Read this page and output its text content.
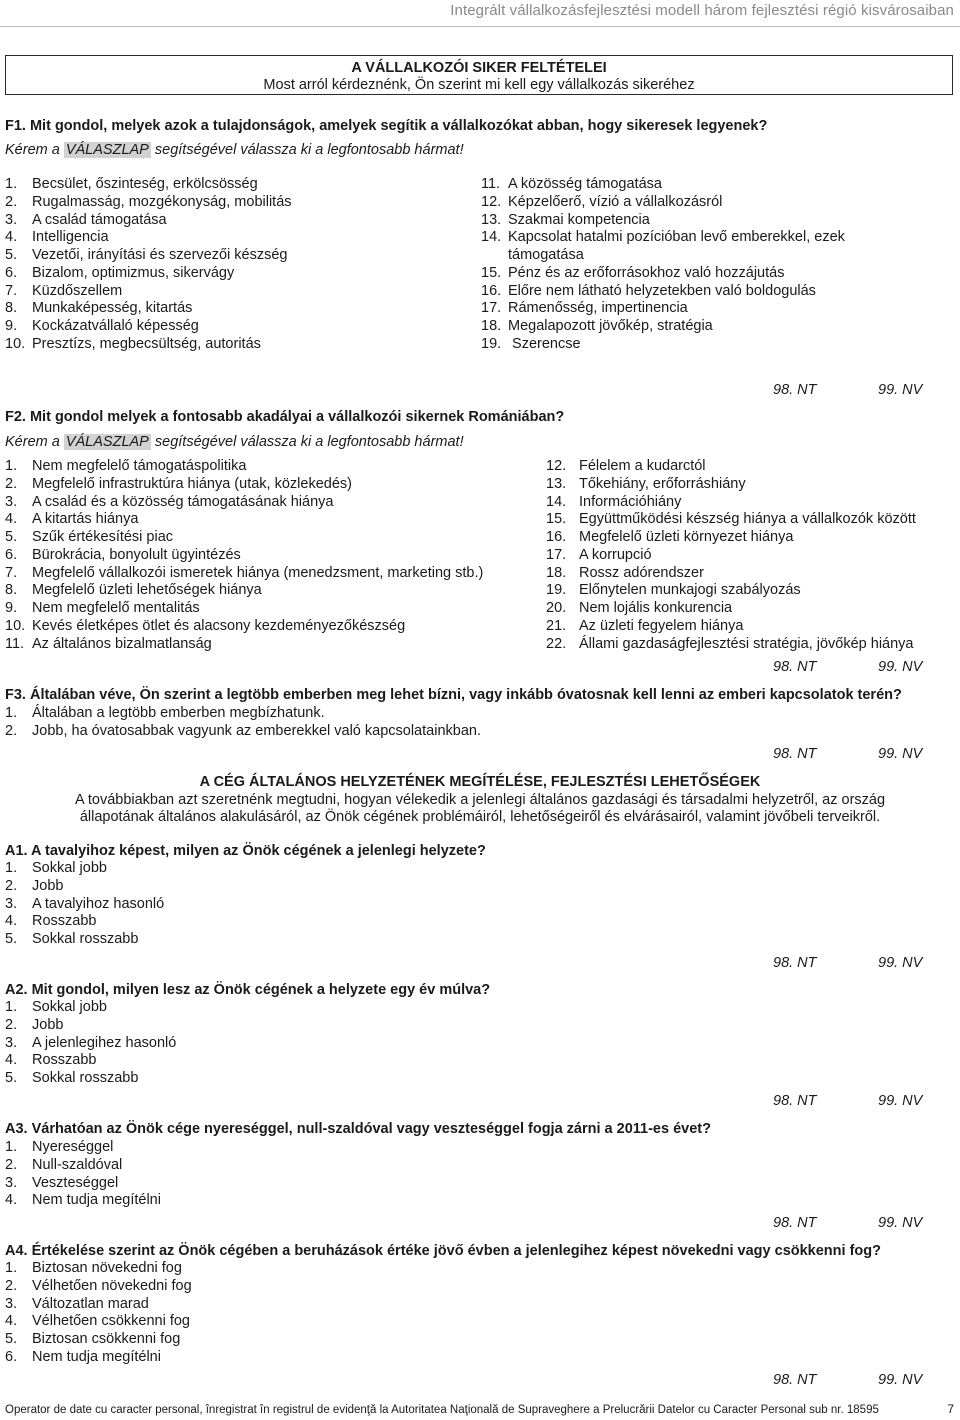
Integrált vállalkozásfejlesztési modell három fejlesztési régió kisvárosaiban
A VÁLLALKOZÓI SIKER FELTÉTELEI
Most arról kérdeznénk, Ön szerint mi kell egy vállalkozás sikeréhez
F1. Mit gondol, melyek azok a tulajdonságok, amelyek segítik a vállalkozókat abban, hogy sikeresek legyenek?
Kérem a VÁLASZLAP segítségével válassza ki a legfontosabb hármat!
1. Becsület, őszinteség, erkölcsösség
2. Rugalmasság, mozgékonyság, mobilitás
3. A család támogatása
4. Intelligencia
5. Vezetői, irányítási és szervezői készség
6. Bizalom, optimizmus, sikervágy
7. Küzdőszellem
8. Munkaképesség, kitartás
9. Kockázatvállaló képesség
10. Presztízs, megbecsültség, autoritás
11. A közösség támogatása
12. Képzelőerő, vízió a vállalkozásról
13. Szakmai kompetencia
14. Kapcsolat hatalmi pozícióban levő emberekkel, ezek
támogatása
15. Pénz és az erőforrásokhoz való hozzájutás
16. Előre nem látható helyzetekben való boldogulás
17. Rámenősség, impertinencia
18. Megalapozott jövőkép, stratégia
19. Szerencse
98. NT	99. NV
F2. Mit gondol melyek a fontosabb akadályai a vállalkozói sikernek Romániában?
Kérem a VÁLASZLAP segítségével válassza ki a legfontosabb hármat!
1. Nem megfelelő támogatáspolitika
2. Megfelelő infrastruktúra hiánya (utak, közlekedés)
3. A család és a közösség támogatásának hiánya
4. A kitartás hiánya
5. Szűk értékesítési piac
6. Bürokrácia, bonyolult ügyintézés
7. Megfelelő vállalkozói ismeretek hiánya (menedzsment, marketing stb.)
8. Megfelelő üzleti lehetőségek hiánya
9. Nem megfelelő mentalitás
10. Kevés életképes ötlet és alacsony kezdeményezőkészség
11. Az általános bizalmatlanság
12. Félelem a kudarctól
13. Tőkehiány, erőforráshiány
14. Információhiány
15. Együttműködési készség hiánya a vállalkozók között
16. Megfelelő üzleti környezet hiánya
17. A korrupció
18. Rossz adórendszer
19. Előnytelen munkajogi szabályozás
20. Nem lojális konkurencia
21. Az üzleti fegyelem hiánya
22. Állami gazdaságfejlesztési stratégia, jövőkép hiánya
98. NT	99. NV
F3. Általában véve, Ön szerint a legtöbb emberben meg lehet bízni, vagy inkább óvatosnak kell lenni az emberi kapcsolatok terén?
1. Általában a legtöbb emberben megbízhatunk.
2. Jobb, ha óvatosabbak vagyunk az emberekkel való kapcsolatainkban.
98. NT	99. NV
A CÉG ÁLTALÁNOS HELYZETÉNEK MEGÍTÉLÉSE, FEJLESZTÉSI LEHETŐSÉGEK
A továbbiakban azt szeretnénk megtudni, hogyan vélekedik a jelenlegi általános gazdasági és társadalmi helyzetről, az ország
állapotának általános alakulásáról, az Önök cégének problémáiról, lehetőségeiről és elvárásairól, valamint jövőbeli terveikről.
A1. A tavalyihoz képest, milyen az Önök cégének a jelenlegi helyzete?
1. Sokkal jobb
2. Jobb
3. A tavalyihoz hasonló
4. Rosszabb
5. Sokkal rosszabb
98. NT	99. NV
A2. Mit gondol, milyen lesz az Önök cégének a helyzete egy év múlva?
1. Sokkal jobb
2. Jobb
3. A jelenlegihez hasonló
4. Rosszabb
5. Sokkal rosszabb
98. NT	99. NV
A3. Várhatóan az Önök cége nyereséggel, null-szaldóval vagy veszteséggel fogja zárni a 2011-es évet?
1. Nyereséggel
2. Null-szaldóval
3. Veszteséggel
4. Nem tudja megítélni
98. NT	99. NV
A4. Értékelése szerint az Önök cégében a beruházások értéke jövő évben a jelenlegihez képest növekedni vagy csökkenni fog?
1. Biztosan növekedni fog
2. Vélhetően növekedni fog
3. Változatlan marad
4. Vélhetően csökkenni fog
5. Biztosan csökkenni fog
6. Nem tudja megítélni
98. NT	99. NV
Operator de date cu caracter personal, înregistrat în registrul de evidenţă la Autoritatea Naţională de Supraveghere a Prelucrării Datelor cu Caracter Personal sub nr. 18595	7
